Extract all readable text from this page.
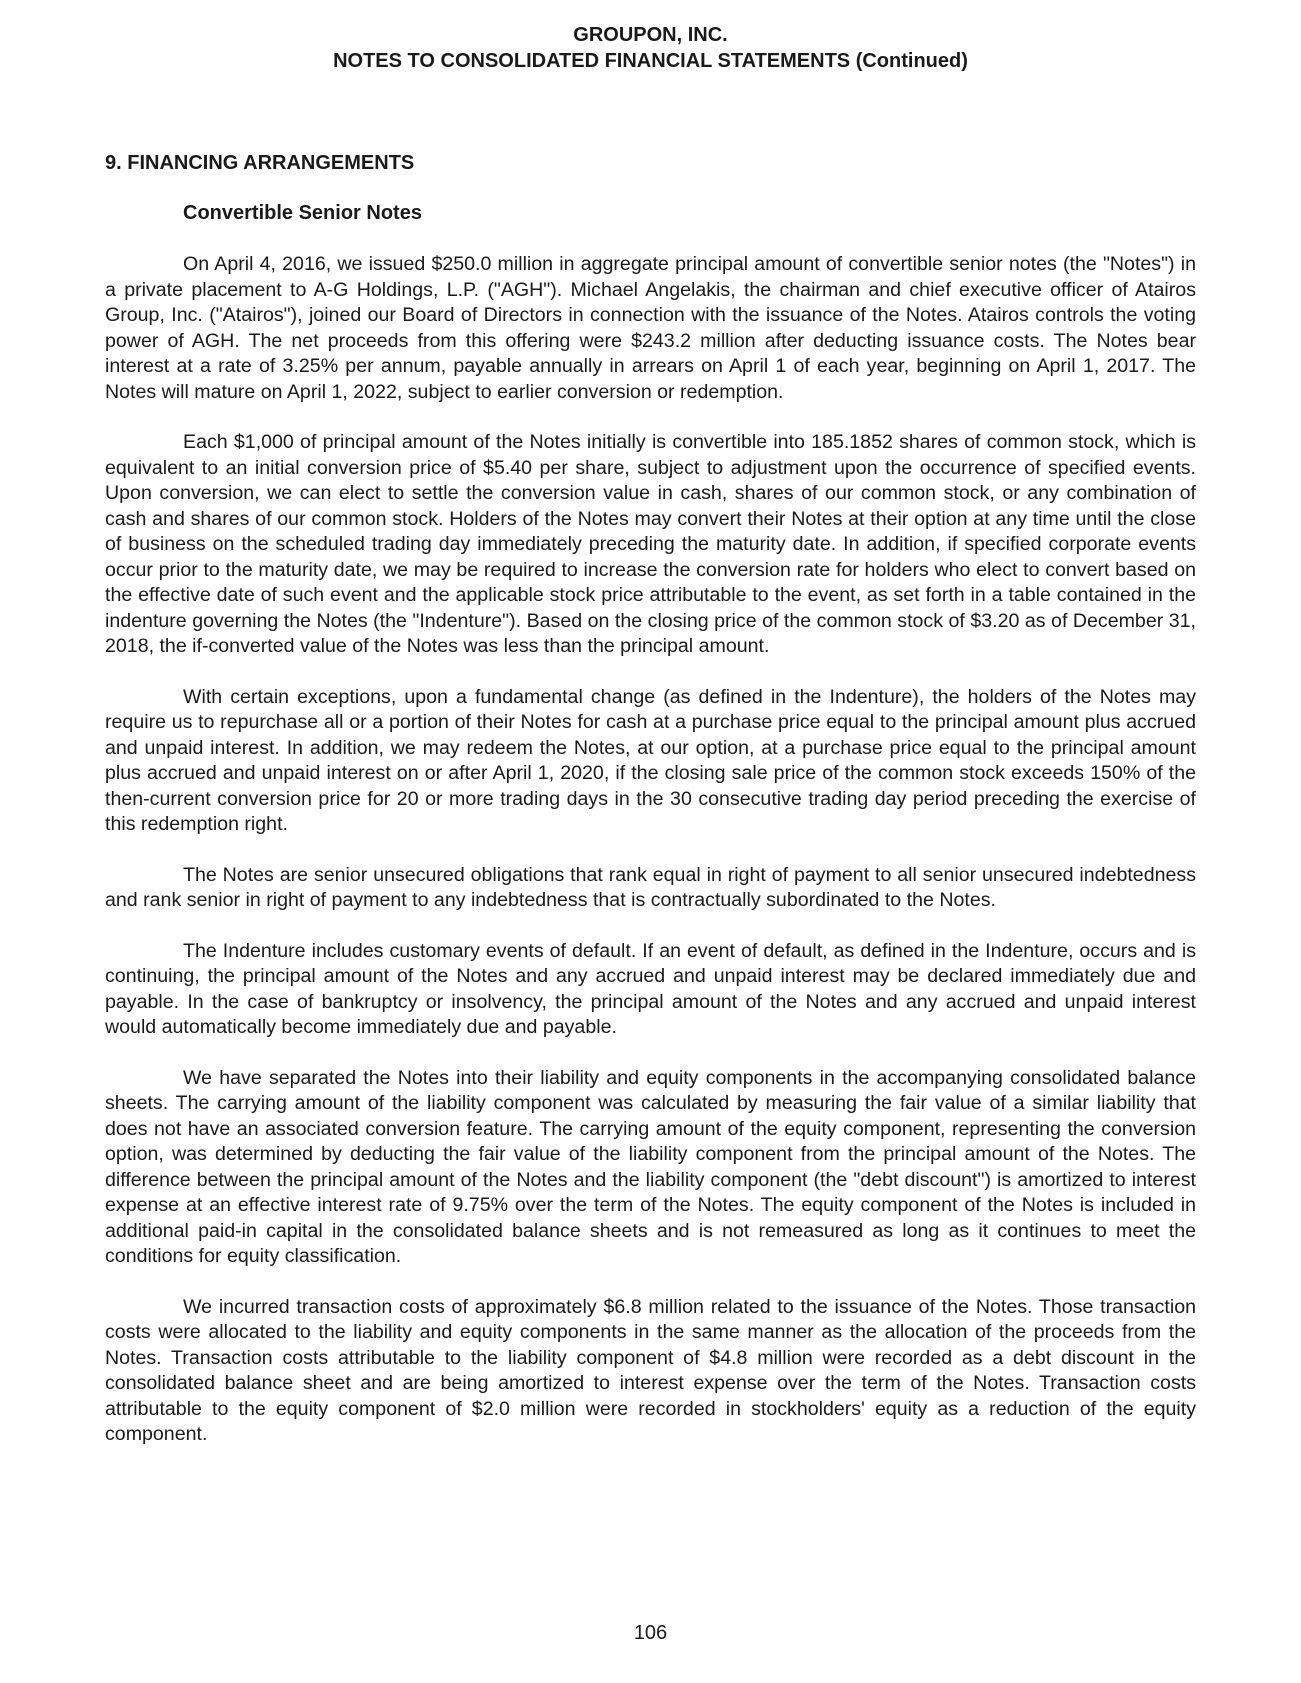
GROUPON, INC.
NOTES TO CONSOLIDATED FINANCIAL STATEMENTS (Continued)
9. FINANCING ARRANGEMENTS
Convertible Senior Notes

On April 4, 2016, we issued $250.0 million in aggregate principal amount of convertible senior notes (the "Notes") in a private placement to A-G Holdings, L.P. ("AGH"). Michael Angelakis, the chairman and chief executive officer of Atairos Group, Inc. ("Atairos"), joined our Board of Directors in connection with the issuance of the Notes. Atairos controls the voting power of AGH. The net proceeds from this offering were $243.2 million after deducting issuance costs. The Notes bear interest at a rate of 3.25% per annum, payable annually in arrears on April 1 of each year, beginning on April 1, 2017. The Notes will mature on April 1, 2022, subject to earlier conversion or redemption.

Each $1,000 of principal amount of the Notes initially is convertible into 185.1852 shares of common stock, which is equivalent to an initial conversion price of $5.40 per share, subject to adjustment upon the occurrence of specified events. Upon conversion, we can elect to settle the conversion value in cash, shares of our common stock, or any combination of cash and shares of our common stock. Holders of the Notes may convert their Notes at their option at any time until the close of business on the scheduled trading day immediately preceding the maturity date. In addition, if specified corporate events occur prior to the maturity date, we may be required to increase the conversion rate for holders who elect to convert based on the effective date of such event and the applicable stock price attributable to the event, as set forth in a table contained in the indenture governing the Notes (the "Indenture"). Based on the closing price of the common stock of $3.20 as of December 31, 2018, the if-converted value of the Notes was less than the principal amount.

With certain exceptions, upon a fundamental change (as defined in the Indenture), the holders of the Notes may require us to repurchase all or a portion of their Notes for cash at a purchase price equal to the principal amount plus accrued and unpaid interest. In addition, we may redeem the Notes, at our option, at a purchase price equal to the principal amount plus accrued and unpaid interest on or after April 1, 2020, if the closing sale price of the common stock exceeds 150% of the then-current conversion price for 20 or more trading days in the 30 consecutive trading day period preceding the exercise of this redemption right.

The Notes are senior unsecured obligations that rank equal in right of payment to all senior unsecured indebtedness and rank senior in right of payment to any indebtedness that is contractually subordinated to the Notes.

The Indenture includes customary events of default. If an event of default, as defined in the Indenture, occurs and is continuing, the principal amount of the Notes and any accrued and unpaid interest may be declared immediately due and payable. In the case of bankruptcy or insolvency, the principal amount of the Notes and any accrued and unpaid interest would automatically become immediately due and payable.

We have separated the Notes into their liability and equity components in the accompanying consolidated balance sheets. The carrying amount of the liability component was calculated by measuring the fair value of a similar liability that does not have an associated conversion feature. The carrying amount of the equity component, representing the conversion option, was determined by deducting the fair value of the liability component from the principal amount of the Notes. The difference between the principal amount of the Notes and the liability component (the "debt discount") is amortized to interest expense at an effective interest rate of 9.75% over the term of the Notes. The equity component of the Notes is included in additional paid-in capital in the consolidated balance sheets and is not remeasured as long as it continues to meet the conditions for equity classification.

We incurred transaction costs of approximately $6.8 million related to the issuance of the Notes. Those transaction costs were allocated to the liability and equity components in the same manner as the allocation of the proceeds from the Notes. Transaction costs attributable to the liability component of $4.8 million were recorded as a debt discount in the consolidated balance sheet and are being amortized to interest expense over the term of the Notes. Transaction costs attributable to the equity component of $2.0 million were recorded in stockholders' equity as a reduction of the equity component.

106
